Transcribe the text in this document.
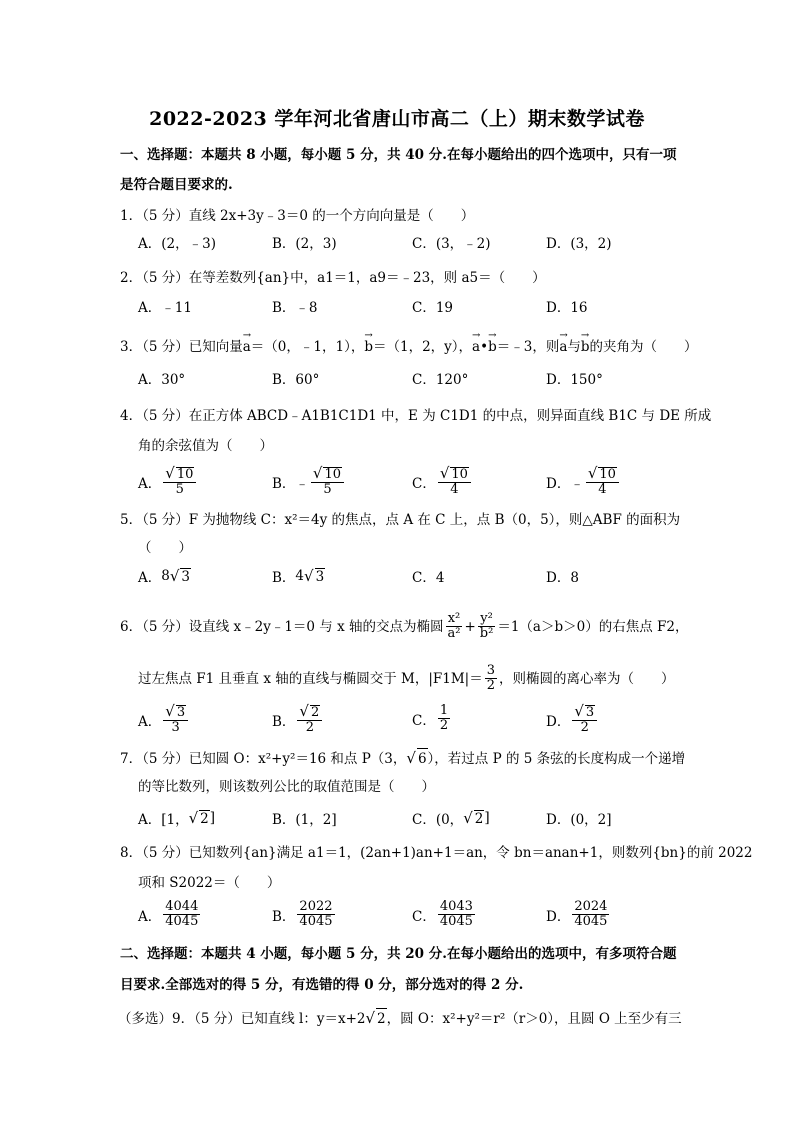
2022-2023 学年河北省唐山市高二（上）期末数学试卷
一、选择题：本题共 8 小题，每小题 5 分，共 40 分.在每小题给出的四个选项中，只有一项
是符合题目要求的.
1．（5 分）直线 2x+3y﹣3＝0 的一个方向向量是（　　）
A．(2，﹣3)	B．(2，3)	C．(3，﹣2)	D．(3，2)
2．（5 分）在等差数列{an}中，a1＝1，a9＝﹣23，则 a5＝（　　）
A．﹣11	B．﹣8	C．19	D．16
3．（5 分）已知向量→ a＝（0，﹣1，1），→ b＝（1，2，y），→ a•→ b＝﹣3，则→ a与→ b的夹角为（　　）
A．30°	B．60°	C．120°	D．150°
4．（5 分）在正方体 ABCD﹣A1B1C1D1 中，E 为 C1D1 的中点，则异面直线 B1C 与 DE 所成
角的余弦值为（　　）
A． $\frac{√ 10}{5}$	B．﹣ $\frac{√ 10}{5}$	C． $\frac{√ 10}{4}$	D．﹣ $\frac{√ 10}{4}$
5．（5 分）F 为抛物线 C：x²＝4y 的焦点，点 A 在 C 上，点 B（0，5），则△ABF 的面积为
（　　）
A． 8 √ 3	B． 4 √ 3	C．4	D．8
6．（5 分）设直线 x﹣2y﹣1＝0 与 x 轴的交点为椭圆 $\frac{\text{x²}}{\text{a²}} + \frac{\text{y²}}{\text{b²}} =1(a>b>0)$的右焦点 F2，
过左焦点 F1 且垂直 x 轴的直线与椭圆交于 M，$|F1M|= \frac{3}{2}$ ，则椭圆的离心率为（　　）
A． $\frac{√ 3}{3}$	B． $\frac{√ 2}{2}$	C． $\frac{1}{2}$	D． $\frac{√ 3}{2}$
7．（5 分）已知圆 O：x²+y²＝16 和点 P（3，√ 6），若过点 P 的 5 条弦的长度构成一个递增
的等比数列，则该数列公比的取值范围是（　　）
A．[1， √ 2 ]	B．(1，2]	C．(0， √ 2 ]	D．(0，2]
8．（5 分）已知数列{an}满足 a1＝1，(2an+1)an+1＝an，令 bn＝anan+1，则数列{bn}的前 2022
项和 S2022＝（　　）
A． $\frac{4044}{4045}$	B． $\frac{2022}{4045}$	C． $\frac{4043}{4045}$	D． $\frac{2024}{4045}$
二、选择题：本题共 4 小题，每小题 5 分，共 20 分.在每小题给出的选项中，有多项符合题
目要求.全部选对的得 5 分，有选错的得 0 分，部分选对的得 2 分.
（多选）9．（5 分）已知直线 l：y＝x+2√ 2，圆 O：x²+y²＝r²（r＞0），且圆 O 上至少有三
